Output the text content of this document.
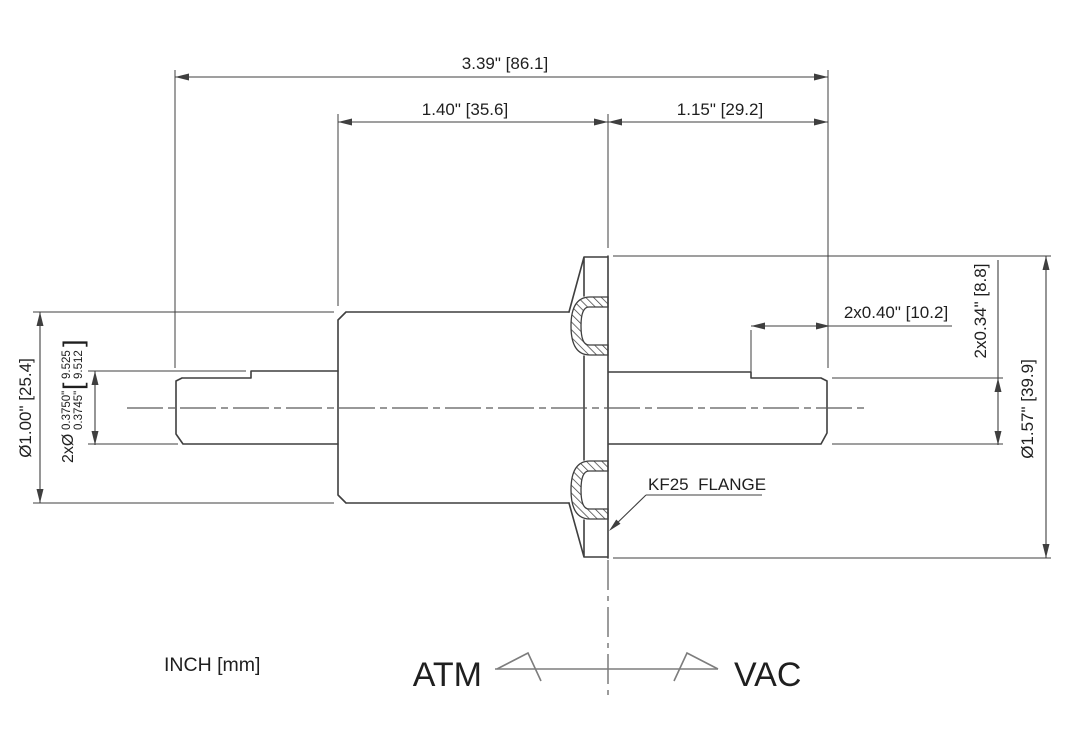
3.39" [86.1]
1.40" [35.6]	1.15" [29.2]
2x0.40" [10.2]
Ø1.00" [25.4]
2x0.34" [8.8]
Ø1.57" [39.9]
2xØ
0.3750" 0.3745"
[
9.525 9.512
]
KF25  FLANGE
ATM	VAC
INCH [mm]
